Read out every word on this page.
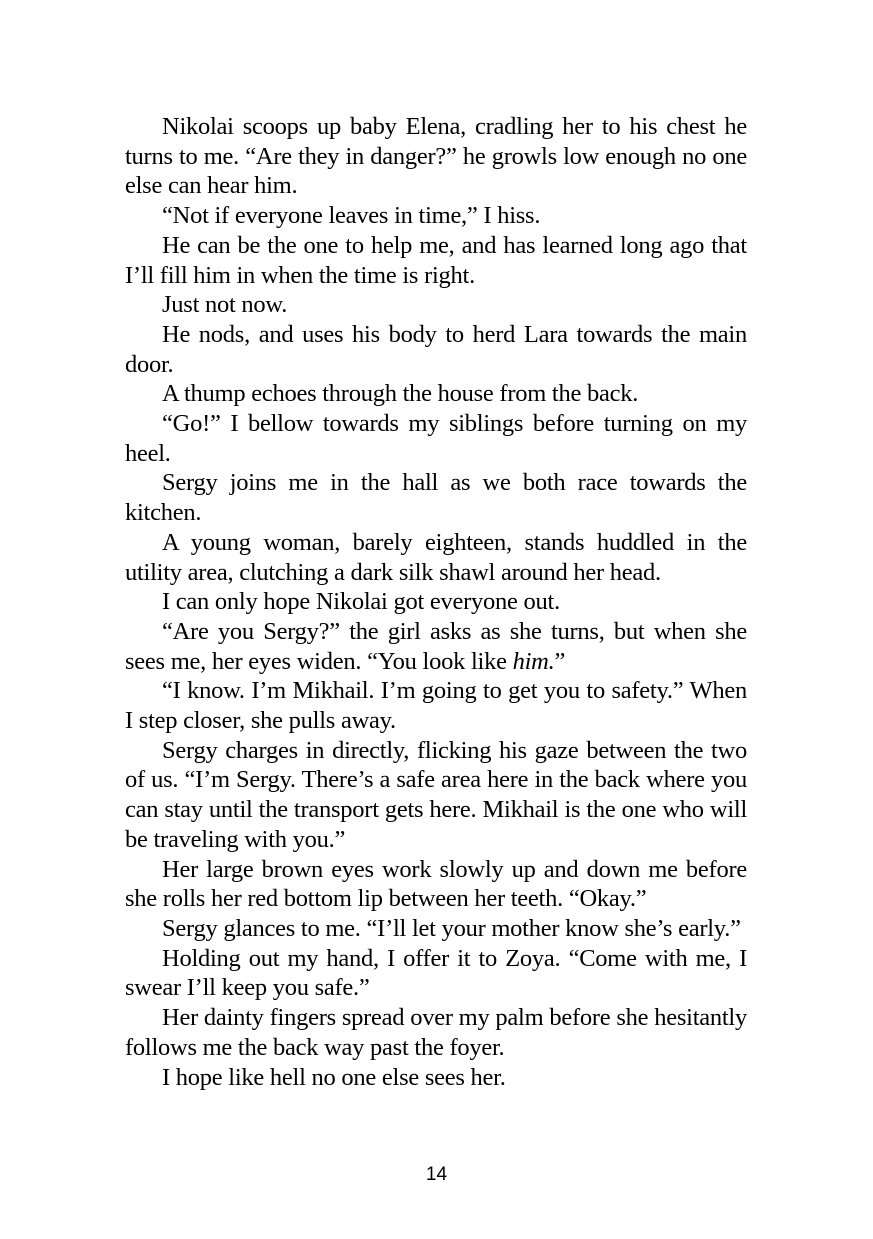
Nikolai scoops up baby Elena, cradling her to his chest he turns to me. “Are they in danger?” he growls low enough no one else can hear him.

“Not if everyone leaves in time,” I hiss.

He can be the one to help me, and has learned long ago that I’ll fill him in when the time is right.

Just not now.

He nods, and uses his body to herd Lara towards the main door.

A thump echoes through the house from the back.

“Go!” I bellow towards my siblings before turning on my heel.

Sergy joins me in the hall as we both race towards the kitchen.

A young woman, barely eighteen, stands huddled in the utility area, clutching a dark silk shawl around her head.

I can only hope Nikolai got everyone out.

“Are you Sergy?” the girl asks as she turns, but when she sees me, her eyes widen. “You look like him.”

“I know. I’m Mikhail. I’m going to get you to safety.” When I step closer, she pulls away.

Sergy charges in directly, flicking his gaze between the two of us. “I’m Sergy. There’s a safe area here in the back where you can stay until the transport gets here. Mikhail is the one who will be traveling with you.”

Her large brown eyes work slowly up and down me before she rolls her red bottom lip between her teeth. “Okay.”

Sergy glances to me. “I’ll let your mother know she’s early.”

Holding out my hand, I offer it to Zoya. “Come with me, I swear I’ll keep you safe.”

Her dainty fingers spread over my palm before she hesitantly follows me the back way past the foyer.

I hope like hell no one else sees her.

14
